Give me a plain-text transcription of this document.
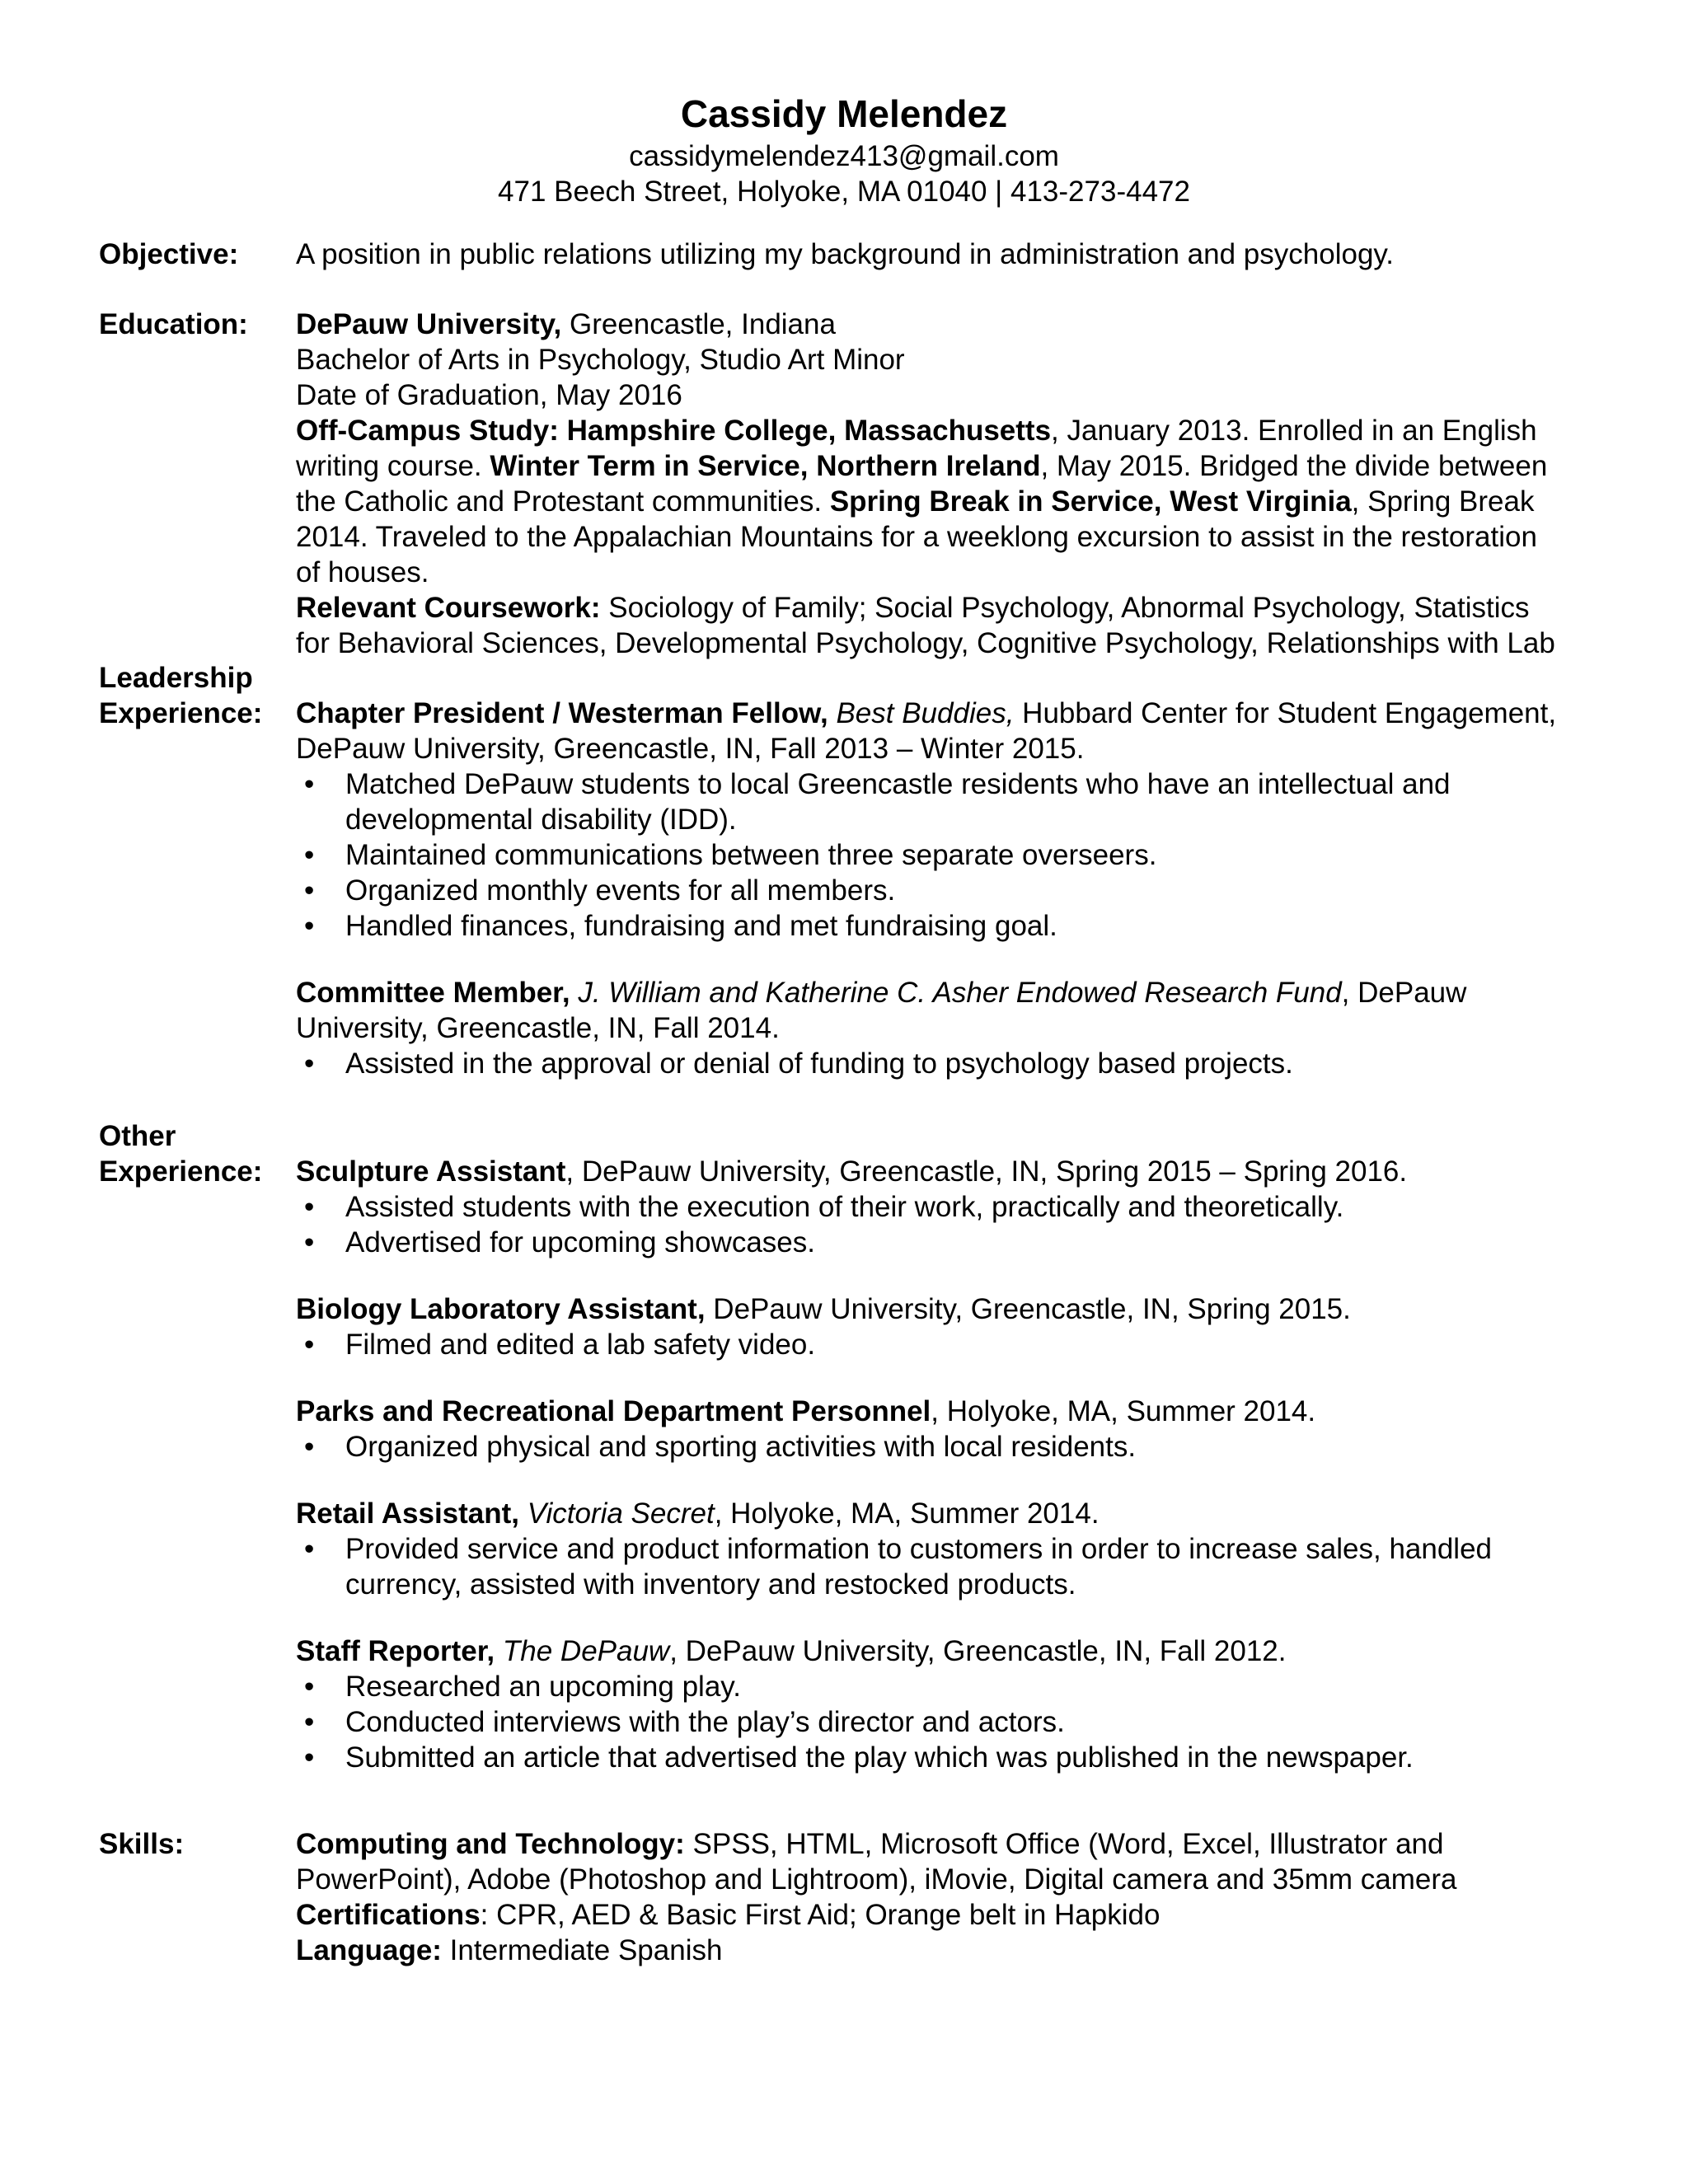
Cassidy Melendez
cassidymelendez413@gmail.com
471 Beech Street, Holyoke, MA 01040 | 413-273-4472
Objective:	A position in public relations utilizing my background in administration and psychology.

Education:	DePauw University, Greencastle, Indiana

Bachelor of Arts in Psychology, Studio Art Minor

Date of Graduation, May 2016

Off-Campus Study: Hampshire College, Massachusetts, January 2013. Enrolled in an English writing course. Winter Term in Service, Northern Ireland, May 2015. Bridged the divide between the Catholic and Protestant communities. Spring Break in Service, West Virginia, Spring Break 2014. Traveled to the Appalachian Mountains for a weeklong excursion to assist in the restoration of houses.

Relevant Coursework: Sociology of Family; Social Psychology, Abnormal Psychology, Statistics for Behavioral Sciences, Developmental Psychology, Cognitive Psychology, Relationships with Lab

Leadership
Experience:	Chapter President / Westerman Fellow, Best Buddies, Hubbard Center for Student Engagement, DePauw University, Greencastle, IN, Fall 2013 – Winter 2015.

• Matched DePauw students to local Greencastle residents who have an intellectual and developmental disability (IDD).
• Maintained communications between three separate overseers.
• Organized monthly events for all members.
• Handled finances, fundraising and met fundraising goal.

Committee Member, J. William and Katherine C. Asher Endowed Research Fund, DePauw University, Greencastle, IN, Fall 2014.

• Assisted in the approval or denial of funding to psychology based projects.
Other
Experience:	Sculpture Assistant, DePauw University, Greencastle, IN, Spring 2015 – Spring 2016.

• Assisted students with the execution of their work, practically and theoretically.
• Advertised for upcoming showcases.

Biology Laboratory Assistant, DePauw University, Greencastle, IN, Spring 2015.

• Filmed and edited a lab safety video.

Parks and Recreational Department Personnel, Holyoke, MA, Summer 2014.

• Organized physical and sporting activities with local residents.

Retail Assistant, Victoria Secret, Holyoke, MA, Summer 2014.

• Provided service and product information to customers in order to increase sales, handled currency, assisted with inventory and restocked products.

Staff Reporter, The DePauw, DePauw University, Greencastle, IN, Fall 2012.

• Researched an upcoming play.
• Conducted interviews with the play’s director and actors.
• Submitted an article that advertised the play which was published in the newspaper.
Skills:	Computing and Technology: SPSS, HTML, Microsoft Office (Word, Excel, Illustrator and PowerPoint), Adobe (Photoshop and Lightroom), iMovie, Digital camera and 35mm camera

Certifications: CPR, AED & Basic First Aid; Orange belt in Hapkido

Language: Intermediate Spanish
